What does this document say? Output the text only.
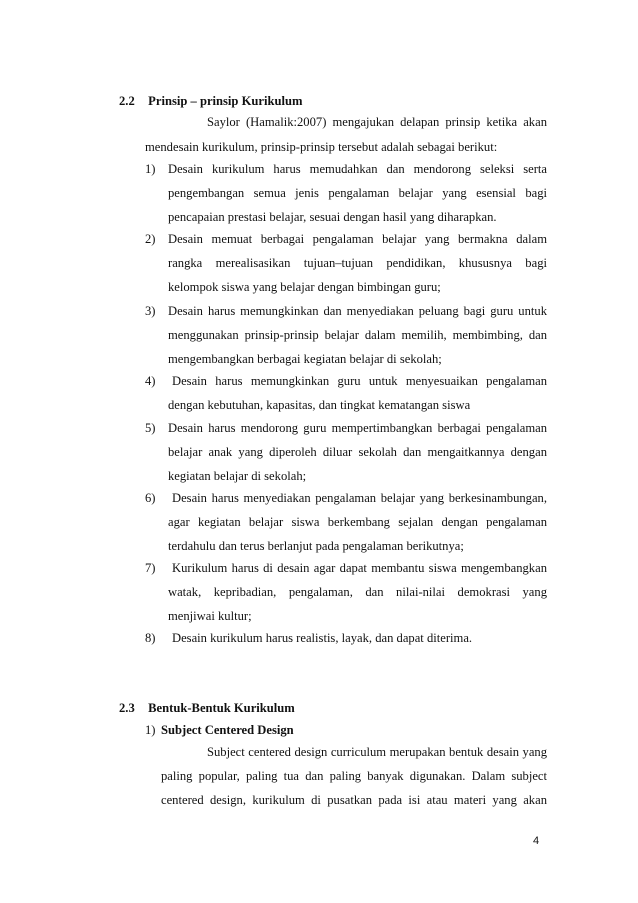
2.2 Prinsip – prinsip Kurikulum
Saylor (Hamalik:2007) mengajukan delapan prinsip ketika akan
mendesain kurikulum, prinsip-prinsip tersebut adalah sebagai berikut:
1) Desain kurikulum harus memudahkan dan mendorong seleksi serta
pengembangan semua jenis pengalaman belajar yang esensial bagi
pencapaian prestasi belajar, sesuai dengan hasil yang diharapkan.
2) Desain memuat berbagai pengalaman belajar yang bermakna dalam
rangka merealisasikan tujuan–tujuan pendidikan, khususnya bagi
kelompok siswa yang belajar dengan bimbingan guru;
3) Desain harus memungkinkan dan menyediakan peluang bagi guru untuk
menggunakan prinsip-prinsip belajar dalam memilih, membimbing, dan
mengembangkan berbagai kegiatan belajar di sekolah;
4) Desain harus memungkinkan guru untuk menyesuaikan pengalaman
dengan kebutuhan, kapasitas, dan tingkat kematangan siswa
5) Desain harus mendorong guru mempertimbangkan berbagai pengalaman
belajar anak yang diperoleh diluar sekolah dan mengaitkannya dengan
kegiatan belajar di sekolah;
6) Desain harus menyediakan pengalaman belajar yang berkesinambungan,
agar kegiatan belajar siswa berkembang sejalan dengan pengalaman
terdahulu dan terus berlanjut pada pengalaman berikutnya;
7) Kurikulum harus di desain agar dapat membantu siswa mengembangkan
watak, kepribadian, pengalaman, dan nilai-nilai demokrasi yang
menjiwai kultur;
8) Desain kurikulum harus realistis, layak, dan dapat diterima.
2.3 Bentuk-Bentuk Kurikulum
1) Subject Centered Design
Subject centered design curriculum merupakan bentuk desain yang
paling popular, paling tua dan paling banyak digunakan. Dalam subject
centered design, kurikulum di pusatkan pada isi atau materi yang akan
4
